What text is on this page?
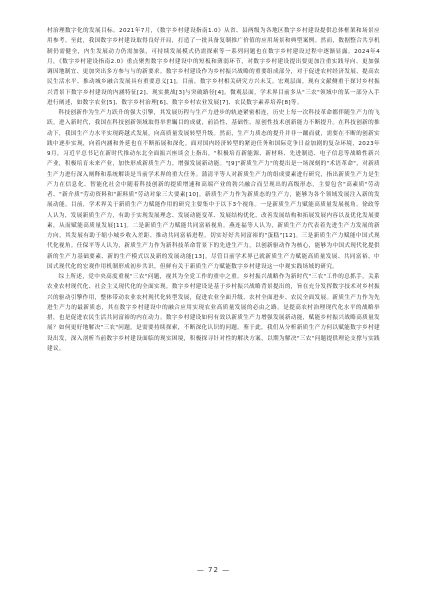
村治理数字化的发展目标。2021年7月，《数字乡村建设指南1.0》从省、县两级为各地区数字乡村建设提供总体框架和场景应用参考。至此，我国数字乡村建设取得良好开局，打造了一批具备复制推广价值的应用场景和典型案例。然而，数据整合共享机制仍需健全，内生发展动力仍需加强，可持续发展模式仍需探索等一系列问题也在数字乡村建设过程中逐渐显露。2024年4月，《数字乡村建设指南2.0》重点聚焦数字乡村建设中的短板和薄弱环节，对数字乡村建设提出要更加注重实践导向、更加强调因地制宜、更加突出多方参与与的新要求。数字乡村建设作为乡村振兴战略的重要组成部分，对于促进农村经济发展、提高农民生活水平、推动城乡融合发展具有重要意义[1]。目前，数字乡村相关研究方兴未艾。宏观层面，现有文献侧重于探讨乡村振兴背景下数字乡村建设的内涵特征[2]、现实挑战[3]与突破路径[4]。微观层面，学术界目前多从"三农"领域中的某一部分入手进行阐述，如数字农业[5]、数字乡村治理[6]、数字乡村农业发展[7]、农民数字素养培养[8]等。

科技创新作为生产力跃升的强大引擎，其发展历程与生产力进步的轨迹紧密相连，历史上每一次科技革命都伴随生产力的飞跃。进入新时代，我国在科技创新领域取得举世瞩目的成就，前沿性、基础性、原创性技术创新能力不断提升。在科技创新的推动下，我国生产力水平实现跨越式发展，向高质量发展转型升级。然而，生产力质态的提升并非一蹴而就，需要在不断的创新实践中逐步实现，向着内涵和外延也在不断拓展和深化。面对国内经济转型的紧迫任务和国际竞争日益加剧的复杂环境，2023年9月，习近平总书记在新时代推动东北全面振兴座谈会上指出，"积极培育新能源、新材料、先进制造、电子信息等战略性新兴产业，积极培育未来产业，加快形成新质生产力，增强发展新动能。"[9]"新质生产力"的提出是一场深刻的"术语革命"，对新质生产力进行深入阐释和系统解读是当前学术界的重大任务。蒲清平等人对新质生产力的组成要素进行研究，指出新质生产力是生产力在信息化、智能化社会中随着科技创新的提质增速和高端产业的勃兴融合而呈现出的高级形态，主要包含"高素质"劳动者、"新介质"劳动资料和"新料质"劳动对象三大要素[10]。新质生产力作为新质态的生产力，能够为各个领域发展注入新的发展动能。目前，学术界关于新质生产力赋能作用的研究主要集中于以下3个视角。一是新质生产力赋能高质量发展视角。徐政等人认为，发展新质生产力，有助于实现发展理念、发展动能变革、发展结构优化、改善发展结构和拓展发展内容以及优化发展要素，从而赋能高质量发展[11]。二是新质生产力赋能共同富裕视角。燕连福等人认为，新质生产力代表着先进生产力发展的新方向，其发展有助于缩小城乡收入差距、推动共同富裕进程，切实好好共同富裕的"蛋糕"[12]。三是新质生产力赋能中国式现代化视角。任保平等人认为，新质生产力作为新科技革命背景下的先进生产力，以创新驱动作为核心，能够为中国式现代化提供新的生产力基础要素、新的生产模式以及新的发展动能[13]。尽管目前学术界已就新质生产力赋能高质量发展、共同富裕、中国式现代化的宏观作用机制形成初步共识，但鲜有关于新质生产力赋能数字乡村建设这一中观实践场域的研究。

综上所述，党中央高度重视"三农"问题，视其为全党工作的重中之重。乡村振兴战略作为新时代"三农"工作的总抓手，关系农业农村现代化、社会主义现代化的全面实现。数字乡村建设是基于乡村振兴战略背景提出的，旨在充分发挥数字技术对乡村振兴的驱动引擎作用，整体带动农业农村现代化转型发展，促进农业全面升级、农村全面进步、农民全面发展。新质生产力作为先进生产力的最新质态，其在数字乡村建设中的融合应用实现农业高质量发展的必由之路，是提高农村治理现代化水平的战略举措，也是促进农民生活共同富裕的内在动力。数字乡村建设如何有效以新质生产力增强发展新动能，赋能乡村振兴战略高质量发展？如何更好地解决"三农"问题，是需要持续探索，不断深化认识的问题。鉴于此，我们从分析新质生产力何以赋能数字乡村建设出发，深入剖析当前数字乡村建设面临的现实困境，积极探寻针对性的解决方案，以期为解决"三农"问题提供理论支撑与实践建议。

— 72 —
